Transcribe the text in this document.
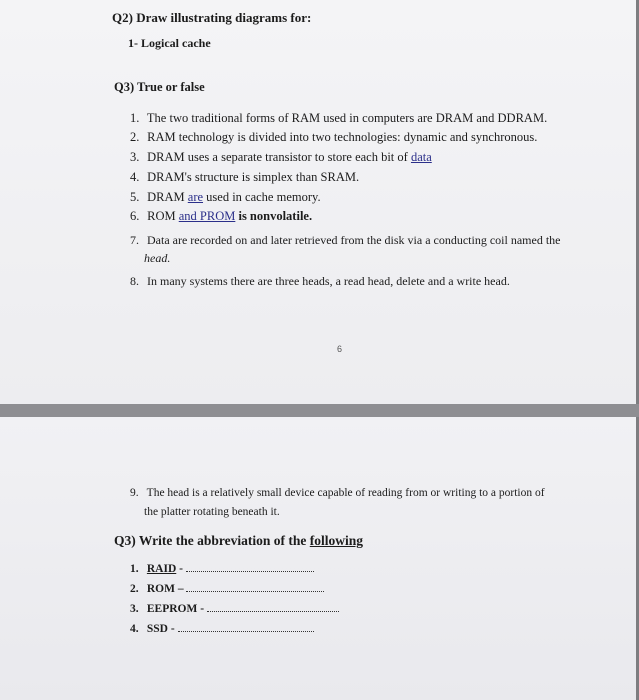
Q2) Draw illustrating diagrams for:
1- Logical cache
Q3) True or false
1. The two traditional forms of RAM used in computers are DRAM and DDRAM.
2. RAM technology is divided into two technologies: dynamic and synchronous.
3. DRAM uses a separate transistor to store each bit of data
4. DRAM's structure is simplex than SRAM.
5. DRAM are used in cache memory.
6. ROM and PROM is nonvolatile.
7. Data are recorded on and later retrieved from the disk via a conducting coil named the
head.
8. In many systems there are three heads, a read head, delete and a write head.
6
9. The head is a relatively small device capable of reading from or writing to a portion of
the platter rotating beneath it.
Q3) Write the abbreviation of the following
1. RAID -
2. ROM –
3. EEPROM -
4. SSD -
